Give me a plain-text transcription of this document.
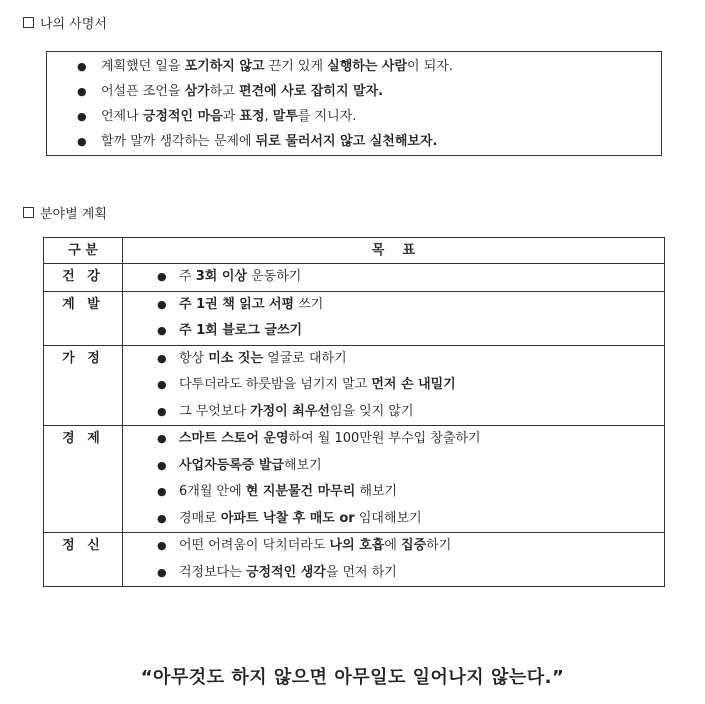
나의 사명서
● 계획했던 일을 포기하지 않고 끈기 있게 실행하는 사람이 되자.
● 어설픈 조언을 삼가하고 편견에 사로 잡히지 말자.
● 언제나 긍정적인 마음과 표정, 말투를 지니자.
● 할까 말까 생각하는 문제에 뒤로 물러서지 않고 실천해보자.
분야별 계획
구 분	목    표
건 강	● 주 3회 이상 운동하기

계 발	● 주 1권 책 읽고 서평 쓰기
● 주 1회 블로그 글쓰기

가 정	● 항상 미소 짓는 얼굴로 대하기
● 다투더라도 하룻밤을 넘기지 말고 먼저 손 내밀기
● 그 무엇보다 가정이 최우선임을 잊지 않기

경 제	● 스마트 스토어 운영하여 월 100만원 부수입 창출하기
● 사업자등록증 발급해보기
● 6개월 안에 현 지분물건 마무리 해보기
● 경매로 아파트 낙찰 후 매도 or 임대해보기

정 신	● 어떤 어려움이 닥치더라도 나의 호흡에 집중하기
● 걱정보다는 긍정적인 생각을 먼저 하기
“아무것도 하지 않으면 아무일도 일어나지 않는다.”
